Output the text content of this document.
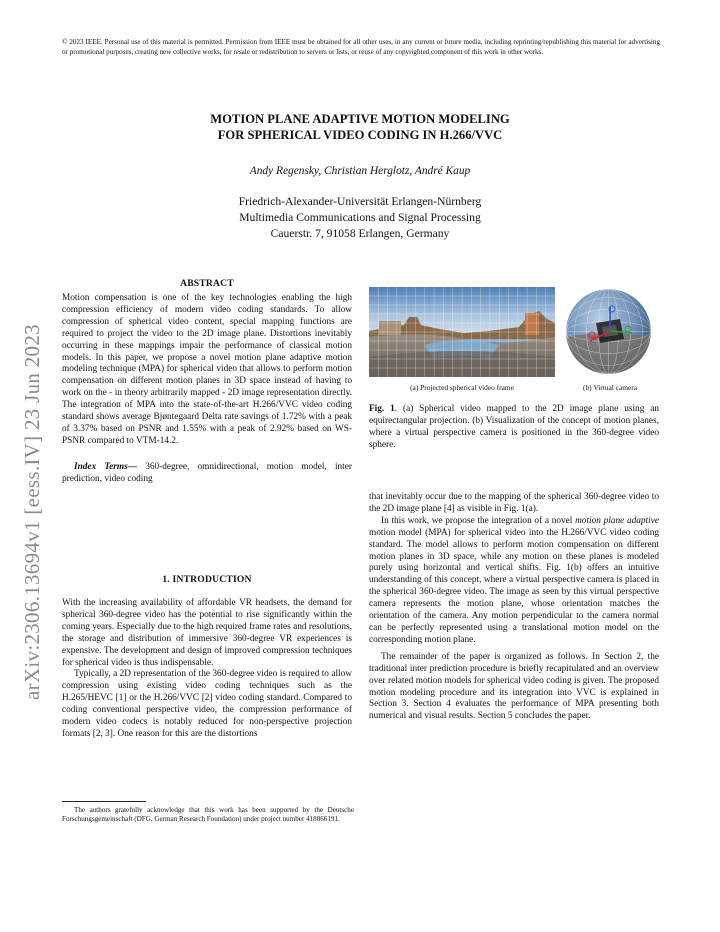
© 2023 IEEE. Personal use of this material is permitted. Permission from IEEE must be obtained for all other uses, in any current or future media, including reprinting/republishing this material for advertising or promotional purposes, creating new collective works, for resale or redistribution to servers or lists, or reuse of any copyrighted component of this work in other works.
MOTION PLANE ADAPTIVE MOTION MODELING
FOR SPHERICAL VIDEO CODING IN H.266/VVC
Andy Regensky, Christian Herglotz, André Kaup
Friedrich-Alexander-Universität Erlangen-Nürnberg
Multimedia Communications and Signal Processing
Cauerstr. 7, 91058 Erlangen, Germany
arXiv:2306.13694v1 [eess.IV] 23 Jun 2023
ABSTRACT

Motion compensation is one of the key technologies enabling the high compression efficiency of modern video coding standards. To allow compression of spherical video content, special mapping functions are required to project the video to the 2D image plane. Distortions inevitably occurring in these mappings impair the performance of classical motion models. In this paper, we propose a novel motion plane adaptive motion modeling technique (MPA) for spherical video that allows to perform motion compensation on different motion planes in 3D space instead of having to work on the - in theory arbitrarily mapped - 2D image representation directly. The integration of MPA into the state-of-the-art H.266/VVC video coding standard shows average Bjøntegaard Delta rate savings of 1.72% with a peak of 3.37% based on PSNR and 1.55% with a peak of 2.92% based on WS-PSNR compared to VTM-14.2.

Index Terms— 360-degree, omnidirectional, motion model, inter prediction, video coding

1. INTRODUCTION

With the increasing availability of affordable VR headsets, the demand for spherical 360-degree video has the potential to rise significantly within the coming years. Especially due to the high required frame rates and resolutions, the storage and distribution of immersive 360-degree VR experiences is expensive. The development and design of improved compression techniques for spherical video is thus indispensable.

Typically, a 2D representation of the 360-degree video is required to allow compression using existing video coding techniques such as the H.265/HEVC [1] or the H.266/VVC [2] video coding standard. Compared to coding conventional perspective video, the compression performance of modern video codecs is notably reduced for non-perspective projection formats [2, 3]. One reason for this are the distortions

The authors gratefully acknowledge that this work has been supported by the Deutsche Forschungsgemeinschaft (DFG, German Research Foundation) under project number 418866191.
(a) Projected spherical video frame	(b) Virtual camera
Fig. 1. (a) Spherical video mapped to the 2D image plane using an equirectangular projection. (b) Visualization of the concept of motion planes, where a virtual perspective camera is positioned in the 360-degree video sphere.

that inevitably occur due to the mapping of the spherical 360-degree video to the 2D image plane [4] as visible in Fig. 1(a).

In this work, we propose the integration of a novel motion plane adaptive motion model (MPA) for spherical video into the H.266/VVC video coding standard. The model allows to perform motion compensation on different motion planes in 3D space, while any motion on these planes is modeled purely using horizontal and vertical shifts. Fig. 1(b) offers an intuitive understanding of this concept, where a virtual perspective camera is placed in the spherical 360-degree video. The image as seen by this virtual perspective camera represents the motion plane, whose orientation matches the orientation of the camera. Any motion perpendicular to the camera normal can be perfectly represented using a translational motion model on the corresponding motion plane.

The remainder of the paper is organized as follows. In Section 2, the traditional inter prediction procedure is briefly recapitulated and an overview over related motion models for spherical video coding is given. The proposed motion modeling procedure and its integration into VVC is explained in Section 3. Section 4 evaluates the performance of MPA presenting both numerical and visual results. Section 5 concludes the paper.
